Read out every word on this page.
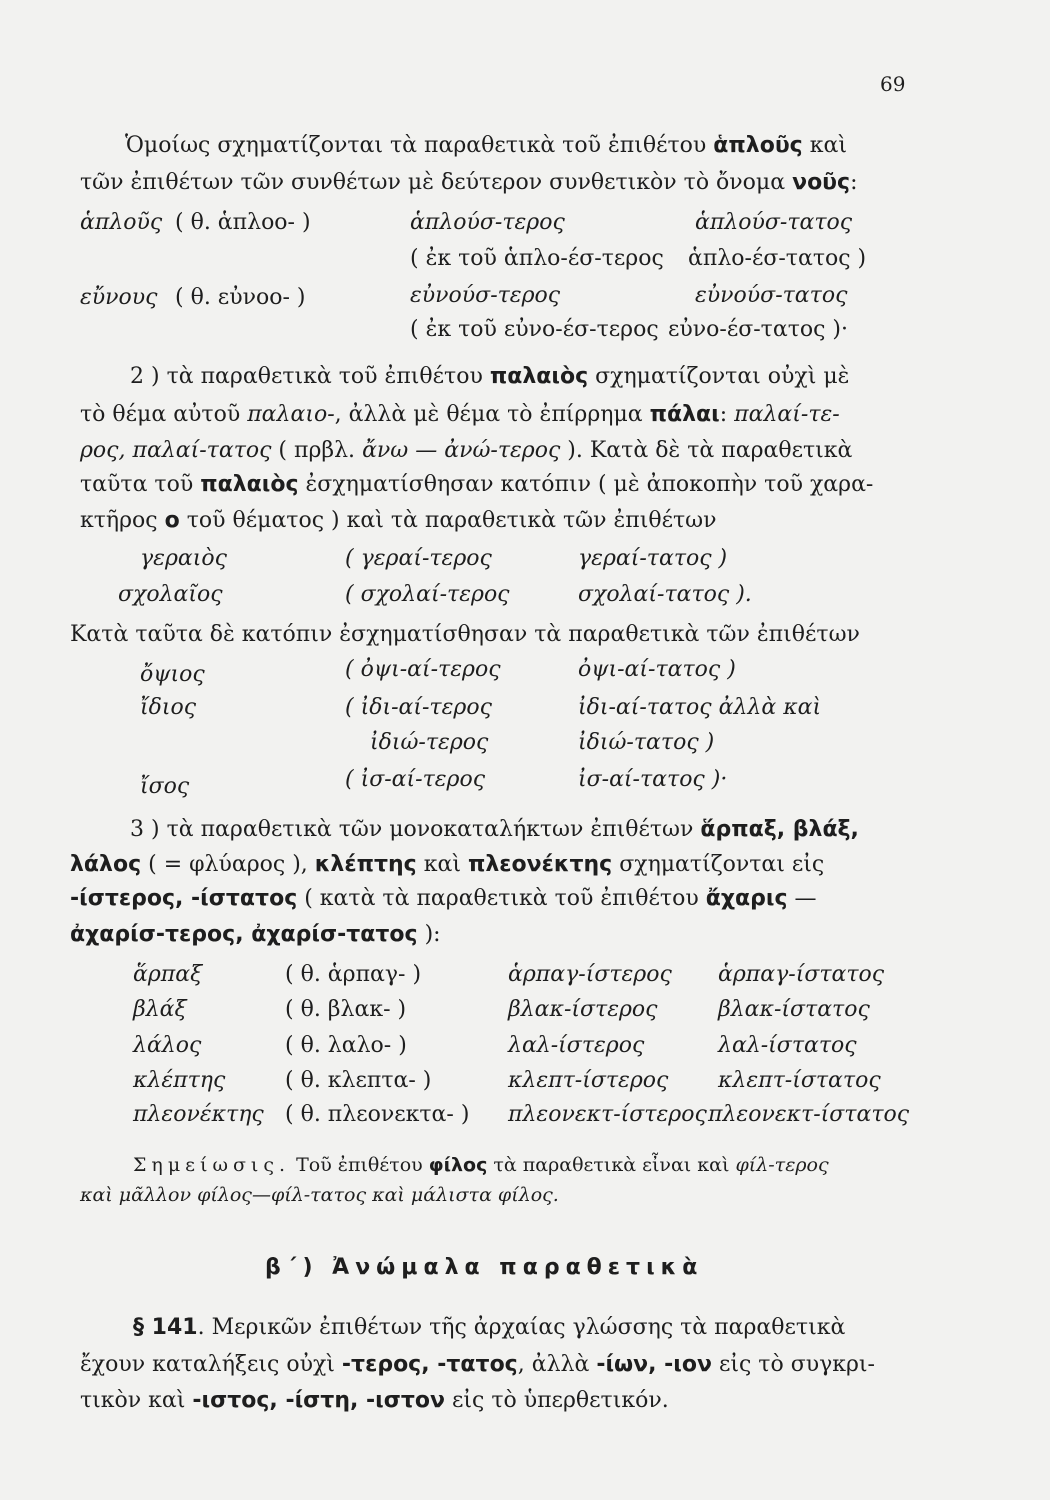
69
Ὁμοίως σχηματίζονται τὰ παραθετικὰ τοῦ ἐπιθέτου ἁπλοῦς καὶ
τῶν ἐπιθέτων τῶν συνθέτων μὲ δεύτερον συνθετικὸν τὸ ὄνομα νοῦς:
ἁπλοῦς ( θ. ἁπλοο- )	ἁπλούσ-τερος	ἁπλούσ-τατος
( ἐκ τοῦ ἁπλο-έσ-τερος ἁπλο-έσ-τατος )
εὔνους ( θ. εὐνοο- )	εὐνούσ-τερος	εὐνούσ-τατος
( ἐκ τοῦ εὐνο-έσ-τερος εὐνο-έσ-τατος )·
2 ) τὰ παραθετικὰ τοῦ ἐπιθέτου παλαιὸς σχηματίζονται οὐχὶ μὲ
τὸ θέμα αὐτοῦ παλαιο-, ἀλλὰ μὲ θέμα τὸ ἐπίρρημα πάλαι: παλαί-τε-
ρος, παλαί-τατος ( πρβλ. ἄνω — ἀνώ-τερος ). Κατὰ δὲ τὰ παραθετικὰ
ταῦτα τοῦ παλαιὸς ἐσχηματίσθησαν κατόπιν ( μὲ ἀποκοπὴν τοῦ χαρα-
κτῆρος ο τοῦ θέματος ) καὶ τὰ παραθετικὰ τῶν ἐπιθέτων
γεραιὸς	( γεραί-τερος	γεραί-τατος )
σχολαῖος	( σχολαί-τερος	σχολαί-τατος ).
Κατὰ ταῦτα δὲ κατόπιν ἐσχηματίσθησαν τὰ παραθετικὰ τῶν ἐπιθέτων
ὄψιος	( ὀψι-αί-τερος	ὀψι-αί-τατος )
ἴδιος	( ἰδι-αί-τερος	ἰδι-αί-τατος ἀλλὰ καὶ
ἰδιώ-τερος	ἰδιώ-τατος )
ἴσος	( ἰσ-αί-τερος	ἰσ-αί-τατος )·
3 ) τὰ παραθετικὰ τῶν μονοκαταλήκτων ἐπιθέτων ἅρπαξ, βλάξ,
λάλος ( = φλύαρος ), κλέπτης καὶ πλεονέκτης σχηματίζονται εἰς
-ίστερος, -ίστατος ( κατὰ τὰ παραθετικὰ τοῦ ἐπιθέτου ἄχαρις —
ἀχαρίσ-τερος, ἀχαρίσ-τατος ):
ἅρπαξ	( θ. ἁρπαγ- )	ἁρπαγ-ίστερος ἁρπαγ-ίστατος
βλάξ	( θ. βλακ- )	βλακ-ίστερος	βλακ-ίστατος
λάλος	( θ. λαλο- )	λαλ-ίστερος	λαλ-ίστατος
κλέπτης	( θ. κλεπτα- )	κλεπτ-ίστερος κλεπτ-ίστατος
πλεονέκτης ( θ. πλεονεκτα- ) πλεονεκτ-ίστερος πλεονεκτ-ίστατος
Σημείωσις. Τοῦ ἐπιθέτου φίλος τὰ παραθετικὰ εἶναι καὶ φίλ-τερος
καὶ μᾶλλον φίλος—φίλ-τατος καὶ μάλιστα φίλος.
β΄) Ἀνώμαλα παραθετικὰ
§ 141. Μερικῶν ἐπιθέτων τῆς ἀρχαίας γλώσσης τὰ παραθετικὰ
ἔχουν καταλήξεις οὐχὶ -τερος, -τατος, ἀλλὰ -ίων, -ιον εἰς τὸ συγκρι-
τικὸν καὶ -ιστος, -ίστη, -ιστον εἰς τὸ ὑπερθετικόν.
